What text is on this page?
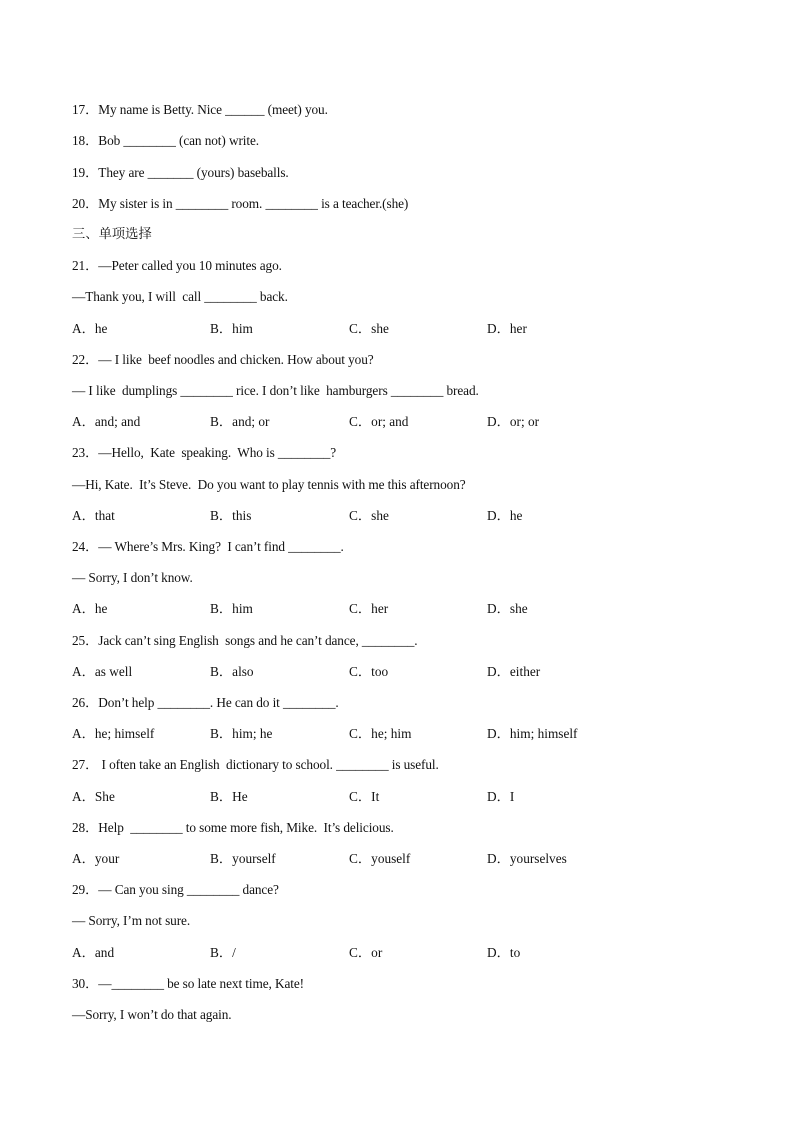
17．My name is Betty. Nice ______ (meet) you.
18．Bob ________ (can not) write.
19．They are _______ (yours) baseballs.
20．My sister is in ________ room. ________ is a teacher.(she)
三、单项选择
21．—Peter called you 10 minutes ago.
—Thank you, I will  call ________ back.
A．he	B．him	C．she	D．her
22．— I like  beef noodles and chicken. How about you?
— I like  dumplings ________ rice. I don’t like  hamburgers ________ bread.
A．and; and	B．and; or	C．or; and	D．or; or
23．—Hello,  Kate  speaking.  Who is ________?
—Hi, Kate.  It’s Steve.  Do you want to play tennis with me this afternoon?
A．that	B．this	C．she	D．he
24．— Where’s Mrs. King?  I can’t find ________.
— Sorry, I don’t know.
A．he	B．him	C．her	D．she
25．Jack can’t sing English  songs and he can’t dance, ________.
A．as well	B．also	C．too	D．either
26．Don’t help ________. He can do it ________.
A．he; himself	B．him; he	C．he; him	D．him; himself
27． I often take an English  dictionary to school. ________ is useful.
A．She	B．He	C．It	D．I
28．Help  ________ to some more fish, Mike.  It’s delicious.
A．your	B．yourself	C．youself	D．yourselves
29．— Can you sing ________ dance?
— Sorry, I’m not sure.
A．and	B．/	C．or	D．to
30．—________ be so late next time, Kate!
—Sorry, I won’t do that again.
